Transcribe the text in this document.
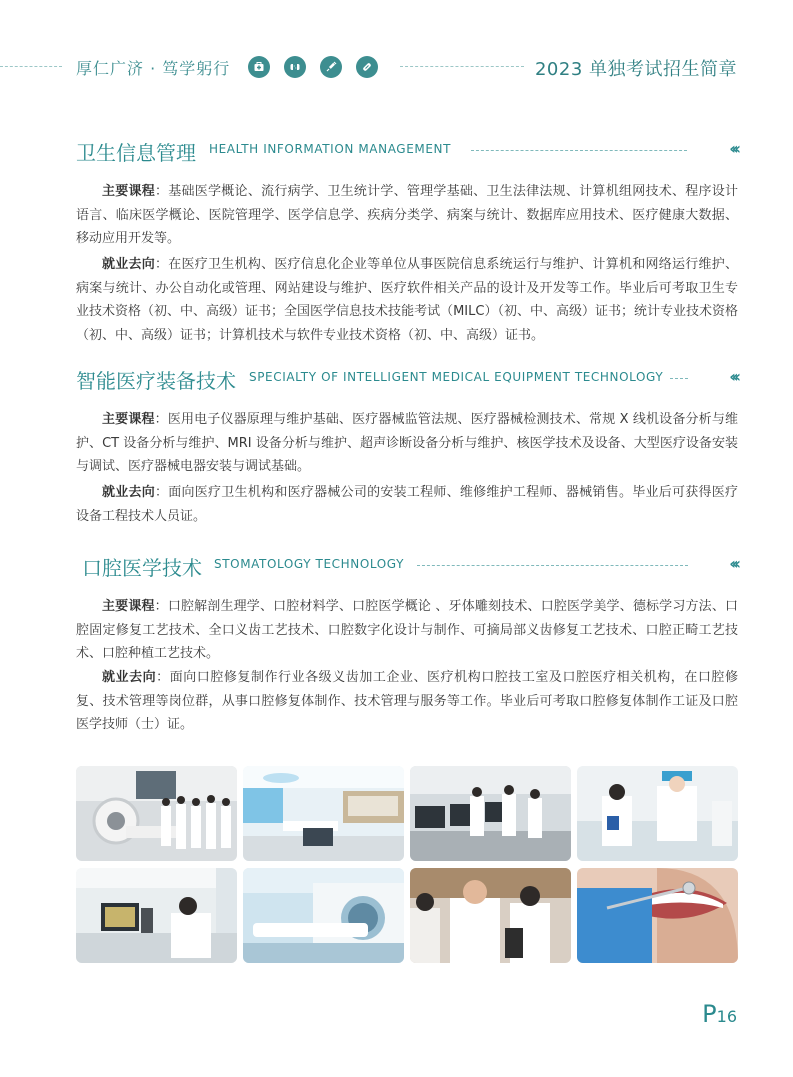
厚仁广济 · 笃学躬行	2023 单独考试招生简章
卫生信息管理 HEALTH INFORMATION MANAGEMENT	‹‹‹
主要课程：基础医学概论、流行病学、卫生统计学、管理学基础、卫生法律法规、计算机组网技术、程序设计语言、临床医学概论、医院管理学、医学信息学、疾病分类学、病案与统计、数据库应用技术、医疗健康大数据、移动应用开发等。
就业去向：在医疗卫生机构、医疗信息化企业等单位从事医院信息系统运行与维护、计算机和网络运行维护、病案与统计、办公自动化或管理、网站建设与维护、医疗软件相关产品的设计及开发等工作。毕业后可考取卫生专业技术资格（初、中、高级）证书；全国医学信息技术技能考试（MILC）（初、中、高级）证书；统计专业技术资格（初、中、高级）证书；计算机技术与软件专业技术资格（初、中、高级）证书。
智能医疗装备技术 SPECIALTY OF INTELLIGENT MEDICAL EQUIPMENT TECHNOLOGY	‹‹‹
主要课程：医用电子仪器原理与维护基础、医疗器械监管法规、医疗器械检测技术、常规 X 线机设备分析与维护、CT 设备分析与维护、MRI 设备分析与维护、超声诊断设备分析与维护、核医学技术及设备、大型医疗设备安装与调试、医疗器械电器安装与调试基础。
就业去向：面向医疗卫生机构和医疗器械公司的安装工程师、维修维护工程师、器械销售。毕业后可获得医疗设备工程技术人员证。
口腔医学技术 STOMATOLOGY TECHNOLOGY	‹‹‹
主要课程：口腔解剖生理学、口腔材料学、口腔医学概论 、牙体雕刻技术、口腔医学美学、德标学习方法、口腔固定修复工艺技术、全口义齿工艺技术、口腔数字化设计与制作、可摘局部义齿修复工艺技术、口腔正畸工艺技术、口腔种植工艺技术。
就业去向：面向口腔修复制作行业各级义齿加工企业、医疗机构口腔技工室及口腔医疗相关机构，在口腔修复、技术管理等岗位群，从事口腔修复体制作、技术管理与服务等工作。毕业后可考取口腔修复体制作工证及口腔医学技师（士）证。
P16
